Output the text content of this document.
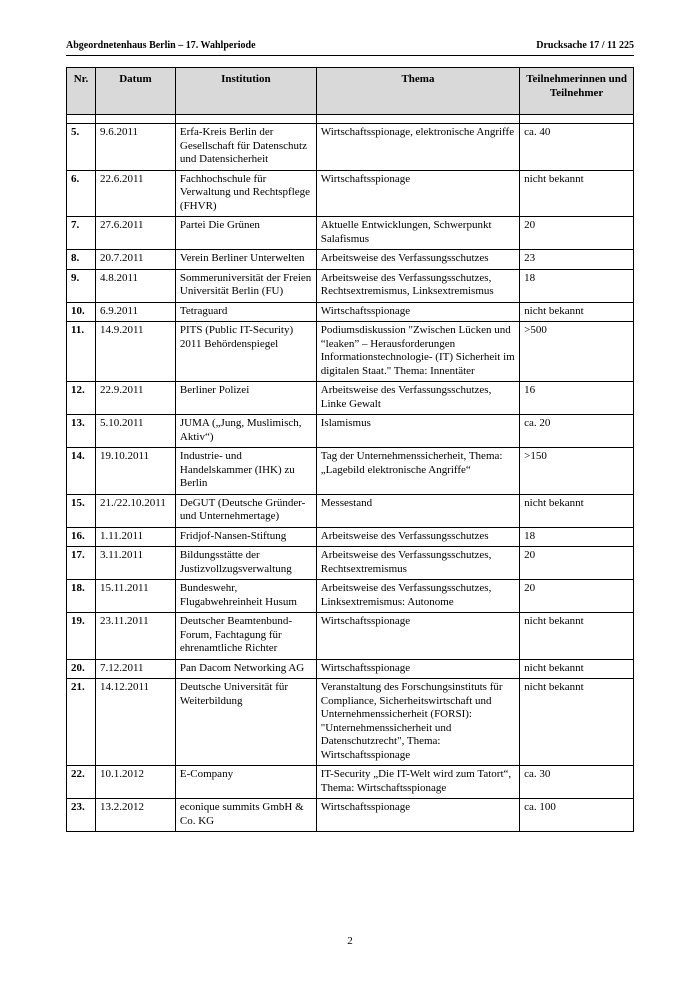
Abgeordnetenhaus Berlin – 17. Wahlperiode	Drucksache 17 / 11 225
Nr.	Datum	Institution	Thema	Teilnehmerinnen und Teilnehmer

5.	9.6.2011	Erfa-Kreis Berlin der Gesellschaft für Datenschutz und Datensicherheit	Wirtschaftsspionage, elektronische Angriffe	ca. 40
6.	22.6.2011	Fachhochschule für Verwaltung und Rechtspflege (FHVR)	Wirtschaftsspionage	nicht bekannt
7.	27.6.2011	Partei Die Grünen	Aktuelle Entwicklungen, Schwerpunkt Salafismus	20
8.	20.7.2011	Verein Berliner Unterwelten	Arbeitsweise des Verfassungsschutzes	23
9.	4.8.2011	Sommeruniversität der Freien Universität Berlin (FU)	Arbeitsweise des Verfassungsschutzes, Rechtsextremismus, Linksextremismus	18
10.	6.9.2011	Tetraguard	Wirtschaftsspionage	nicht bekannt
11.	14.9.2011	PITS (Public IT-Security) 2011 Behördenspiegel	Podiumsdiskussion "Zwischen Lücken und “leaken” – Herausforderungen Informationstechnologie- (IT) Sicherheit im digitalen Staat." Thema: Innentäter	>500
12.	22.9.2011	Berliner Polizei	Arbeitsweise des Verfassungsschutzes, Linke Gewalt	16
13.	5.10.2011	JUMA („Jung, Muslimisch, Aktiv“)	Islamismus	ca. 20
14.	19.10.2011	Industrie- und Handelskammer (IHK) zu Berlin	Tag der Unternehmenssicherheit, Thema: „Lagebild elektronische Angriffe“	>150
15.	21./22.10.2011	DeGUT (Deutsche Gründer- und Unternehmertage)	Messestand	nicht bekannt
16.	1.11.2011	Fridjof-Nansen-Stiftung	Arbeitsweise des Verfassungsschutzes	18
17.	3.11.2011	Bildungsstätte der Justizvollzugsverwaltung	Arbeitsweise des Verfassungsschutzes, Rechtsextremismus	20
18.	15.11.2011	Bundeswehr, Flugabwehreinheit Husum	Arbeitsweise des Verfassungsschutzes, Linksextremismus: Autonome	20
19.	23.11.2011	Deutscher Beamtenbund-Forum, Fachtagung für ehrenamtliche Richter	Wirtschaftsspionage	nicht bekannt
20.	7.12.2011	Pan Dacom Networking AG	Wirtschaftsspionage	nicht bekannt
21.	14.12.2011	Deutsche Universität für Weiterbildung	Veranstaltung des Forschungsinstituts für Compliance, Sicherheitswirtschaft und Unternehmenssicherheit (FORSI): "Unternehmenssicherheit und Datenschutzrecht", Thema: Wirtschaftsspionage	nicht bekannt
22.	10.1.2012	E-Company	IT-Security „Die IT-Welt wird zum Tatort“, Thema: Wirtschaftsspionage	ca. 30
23.	13.2.2012	econique summits GmbH & Co. KG	Wirtschaftsspionage	ca. 100
2
